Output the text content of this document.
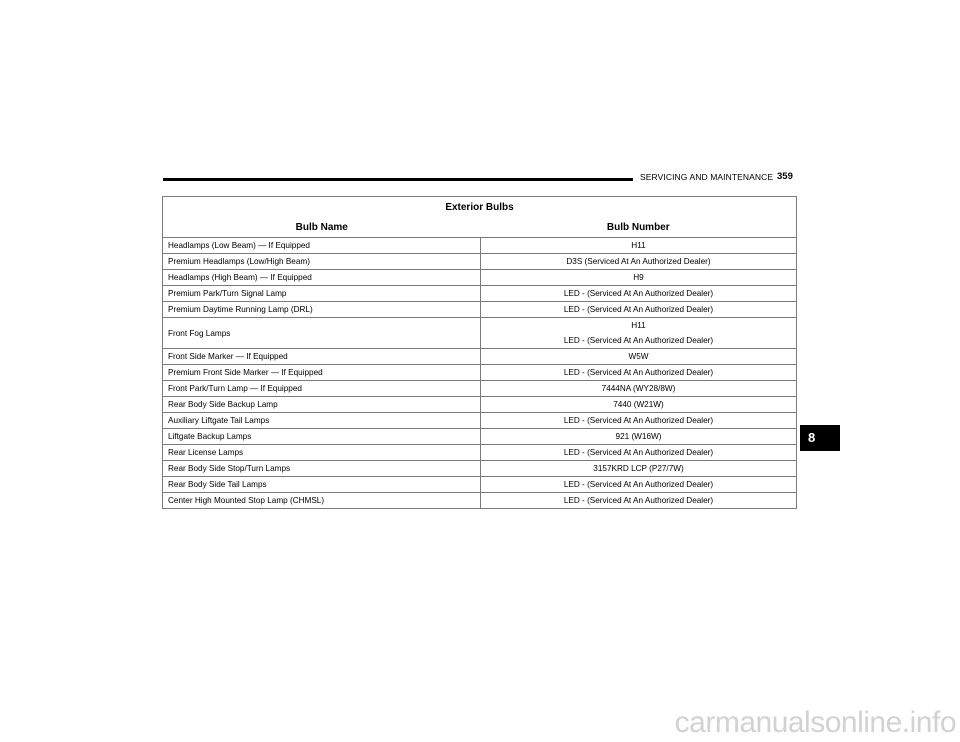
SERVICING AND MAINTENANCE 359
Exterior Bulbs	
Bulb Name	Bulb Number
Headlamps (Low Beam) — If Equipped	H11

Premium Headlamps (Low/High Beam)	D3S (Serviced At An Authorized Dealer)

Headlamps (High Beam) — If Equipped	H9

Premium Park/Turn Signal Lamp	LED - (Serviced At An Authorized Dealer)

Premium Daytime Running Lamp (DRL)	LED - (Serviced At An Authorized Dealer)

Front Fog Lamps	H11
LED - (Serviced At An Authorized Dealer)

Front Side Marker — If Equipped	W5W

Premium Front Side Marker — If Equipped	LED - (Serviced At An Authorized Dealer)

Front Park/Turn Lamp — If Equipped	7444NA (WY28/8W)

Rear Body Side Backup Lamp	7440 (W21W)

Auxiliary Liftgate Tail Lamps	LED - (Serviced At An Authorized Dealer)

Liftgate Backup Lamps	921 (W16W)

Rear License Lamps	LED - (Serviced At An Authorized Dealer)

Rear Body Side Stop/Turn Lamps	3157KRD LCP (P27/7W)

Rear Body Side Tail Lamps	LED - (Serviced At An Authorized Dealer)

Center High Mounted Stop Lamp (CHMSL)	LED - (Serviced At An Authorized Dealer)
8
carmanualsonline.info
